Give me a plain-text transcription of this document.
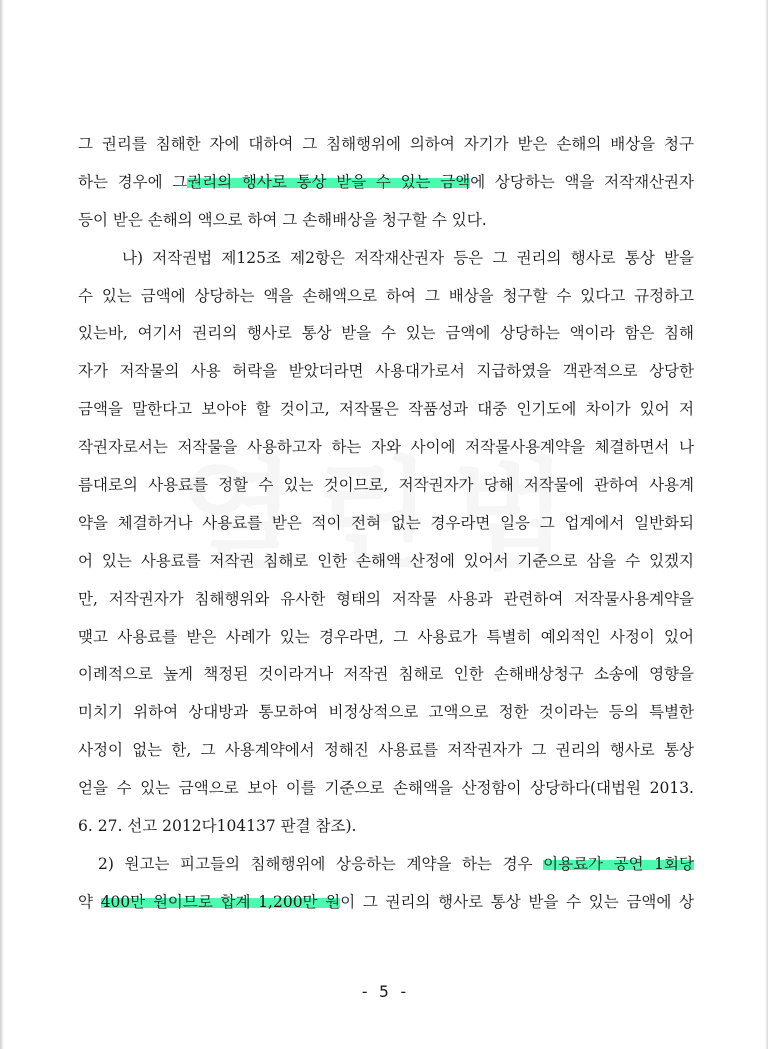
그 권리를 침해한 자에 대하여 그 침해행위에 의하여 자기가 받은 손해의 배상을 청구
하는 경우에 그권리의 행사로 통상 받을 수 있는 금액에 상당하는 액을 저작재산권자
등이 받은 손해의 액으로 하여 그 손해배상을 청구할 수 있다.
나) 저작권법 제125조 제2항은 저작재산권자 등은 그 권리의 행사로 통상 받을
수 있는 금액에 상당하는 액을 손해액으로 하여 그 배상을 청구할 수 있다고 규정하고
있는바, 여기서 권리의 행사로 통상 받을 수 있는 금액에 상당하는 액이라 함은 침해
자가 저작물의 사용 허락을 받았더라면 사용대가로서 지급하였을 객관적으로 상당한
금액을 말한다고 보아야 할 것이고, 저작물은 작품성과 대중 인기도에 차이가 있어 저
작권자로서는 저작물을 사용하고자 하는 자와 사이에 저작물사용계약을 체결하면서 나
름대로의 사용료를 정할 수 있는 것이므로, 저작권자가 당해 저작물에 관하여 사용계
약을 체결하거나 사용료를 받은 적이 전혀 없는 경우라면 일응 그 업계에서 일반화되
어 있는 사용료를 저작권 침해로 인한 손해액 산정에 있어서 기준으로 삼을 수 있겠지
만, 저작권자가 침해행위와 유사한 형태의 저작물 사용과 관련하여 저작물사용계약을
맺고 사용료를 받은 사례가 있는 경우라면, 그 사용료가 특별히 예외적인 사정이 있어
이례적으로 높게 책정된 것이라거나 저작권 침해로 인한 손해배상청구 소송에 영향을
미치기 위하여 상대방과 통모하여 비정상적으로 고액으로 정한 것이라는 등의 특별한
사정이 없는 한, 그 사용계약에서 정해진 사용료를 저작권자가 그 권리의 행사로 통상
얻을 수 있는 금액으로 보아 이를 기준으로 손해액을 산정함이 상당하다(대법원 2013.
6. 27. 선고 2012다104137 판결 참조).
2) 원고는 피고들의 침해행위에 상응하는 계약을 하는 경우 이용료가 공연 1회당
약 400만 원이므로 합계 1,200만 원이 그 권리의 행사로 통상 받을 수 있는 금액에 상
- 5 -
